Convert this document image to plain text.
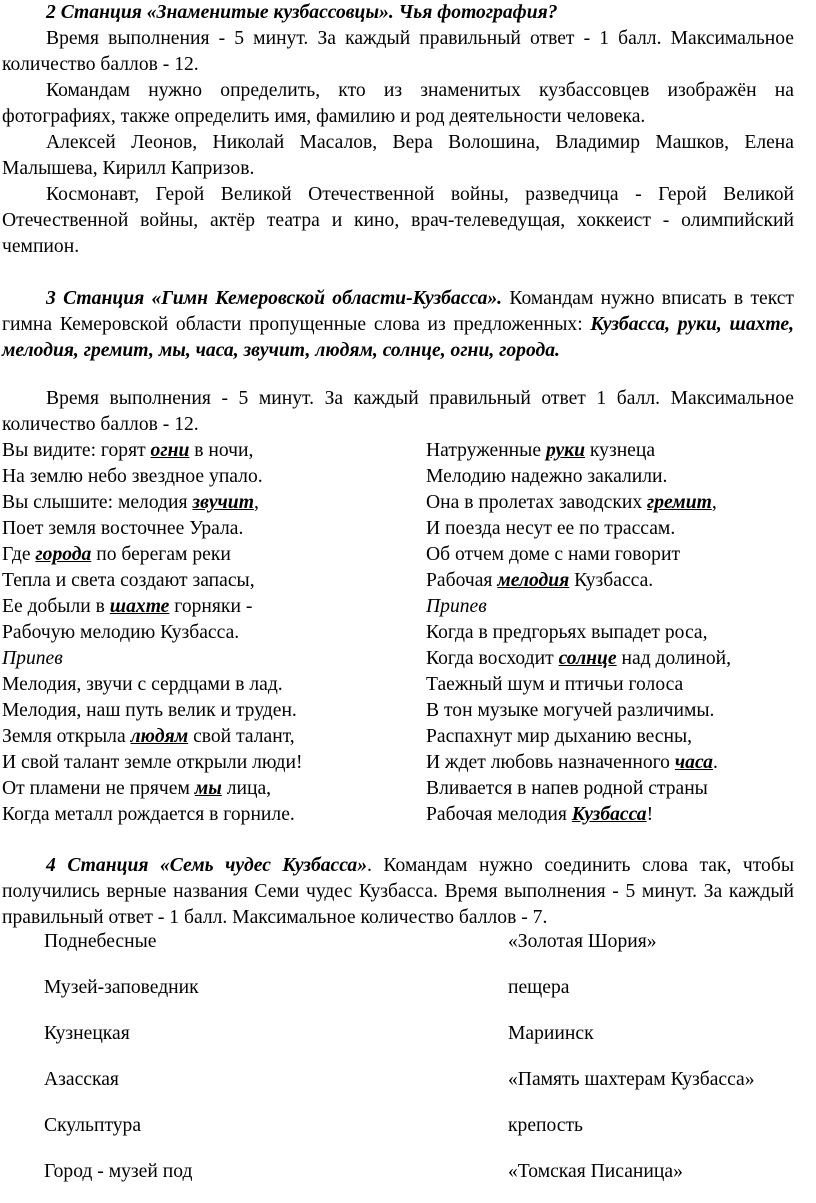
2 Станция «Знаменитые кузбассовцы». Чья фотография?

Время выполнения - 5 минут. За каждый правильный ответ - 1 балл. Максимальное количество баллов - 12.

Командам нужно определить, кто из знаменитых кузбассовцев изображён на фотографиях, также определить имя, фамилию и род деятельности человека.

Алексей Леонов, Николай Масалов, Вера Волошина, Владимир Машков, Елена Малышева, Кирилл Капризов.

Космонавт, Герой Великой Отечественной войны, разведчица - Герой Великой Отечественной войны, актёр театра и кино, врач-телеведущая, хоккеист - олимпийский чемпион.

3 Станция «Гимн Кемеровской области-Кузбасса». Командам нужно вписать в текст гимна Кемеровской области пропущенные слова из предложенных: Кузбасса, руки, шахте, мелодия, гремит, мы, часа, звучит, людям, солнце, огни, города.

Время выполнения - 5 минут. За каждый правильный ответ 1 балл. Максимальное количество баллов - 12.

Вы видите: горят огни в ночи,
На землю небо звездное упало.
Вы слышите: мелодия звучит,
Поет земля восточнее Урала.
Где города по берегам реки
Тепла и света создают запасы,
Ее добыли в шахте горняки -
Рабочую мелодию Кузбасса.
Припев
Мелодия, звучи с сердцами в лад.
Мелодия, наш путь велик и труден.
Земля открыла людям свой талант,
И свой талант земле открыли люди!
От пламени не прячем мы лица,
Когда металл рождается в горниле.
Натруженные руки кузнеца
Мелодию надежно закалили.
Она в пролетах заводских гремит,
И поезда несут ее по трассам.
Об отчем доме с нами говорит
Рабочая мелодия Кузбасса.
Припев
Когда в предгорьях выпадет роса,
Когда восходит солнце над долиной,
Таежный шум и птичьи голоса
В тон музыке могучей различимы.
Распахнут мир дыханию весны,
И ждет любовь назначенного часа.
Вливается в напев родной страны
Рабочая мелодия Кузбасса!

4 Станция «Семь чудес Кузбасса». Командам нужно соединить слова так, чтобы получились верные названия Семи чудес Кузбасса. Время выполнения - 5 минут. За каждый правильный ответ - 1 балл. Максимальное количество баллов - 7.

Поднебесные	«Золотая Шория»
Музей-заповедник	пещера
Кузнецкая	Мариинск
Азасская	«Память шахтерам Кузбасса»
Скульптура	крепость
Город - музей под	«Томская Писаница»
